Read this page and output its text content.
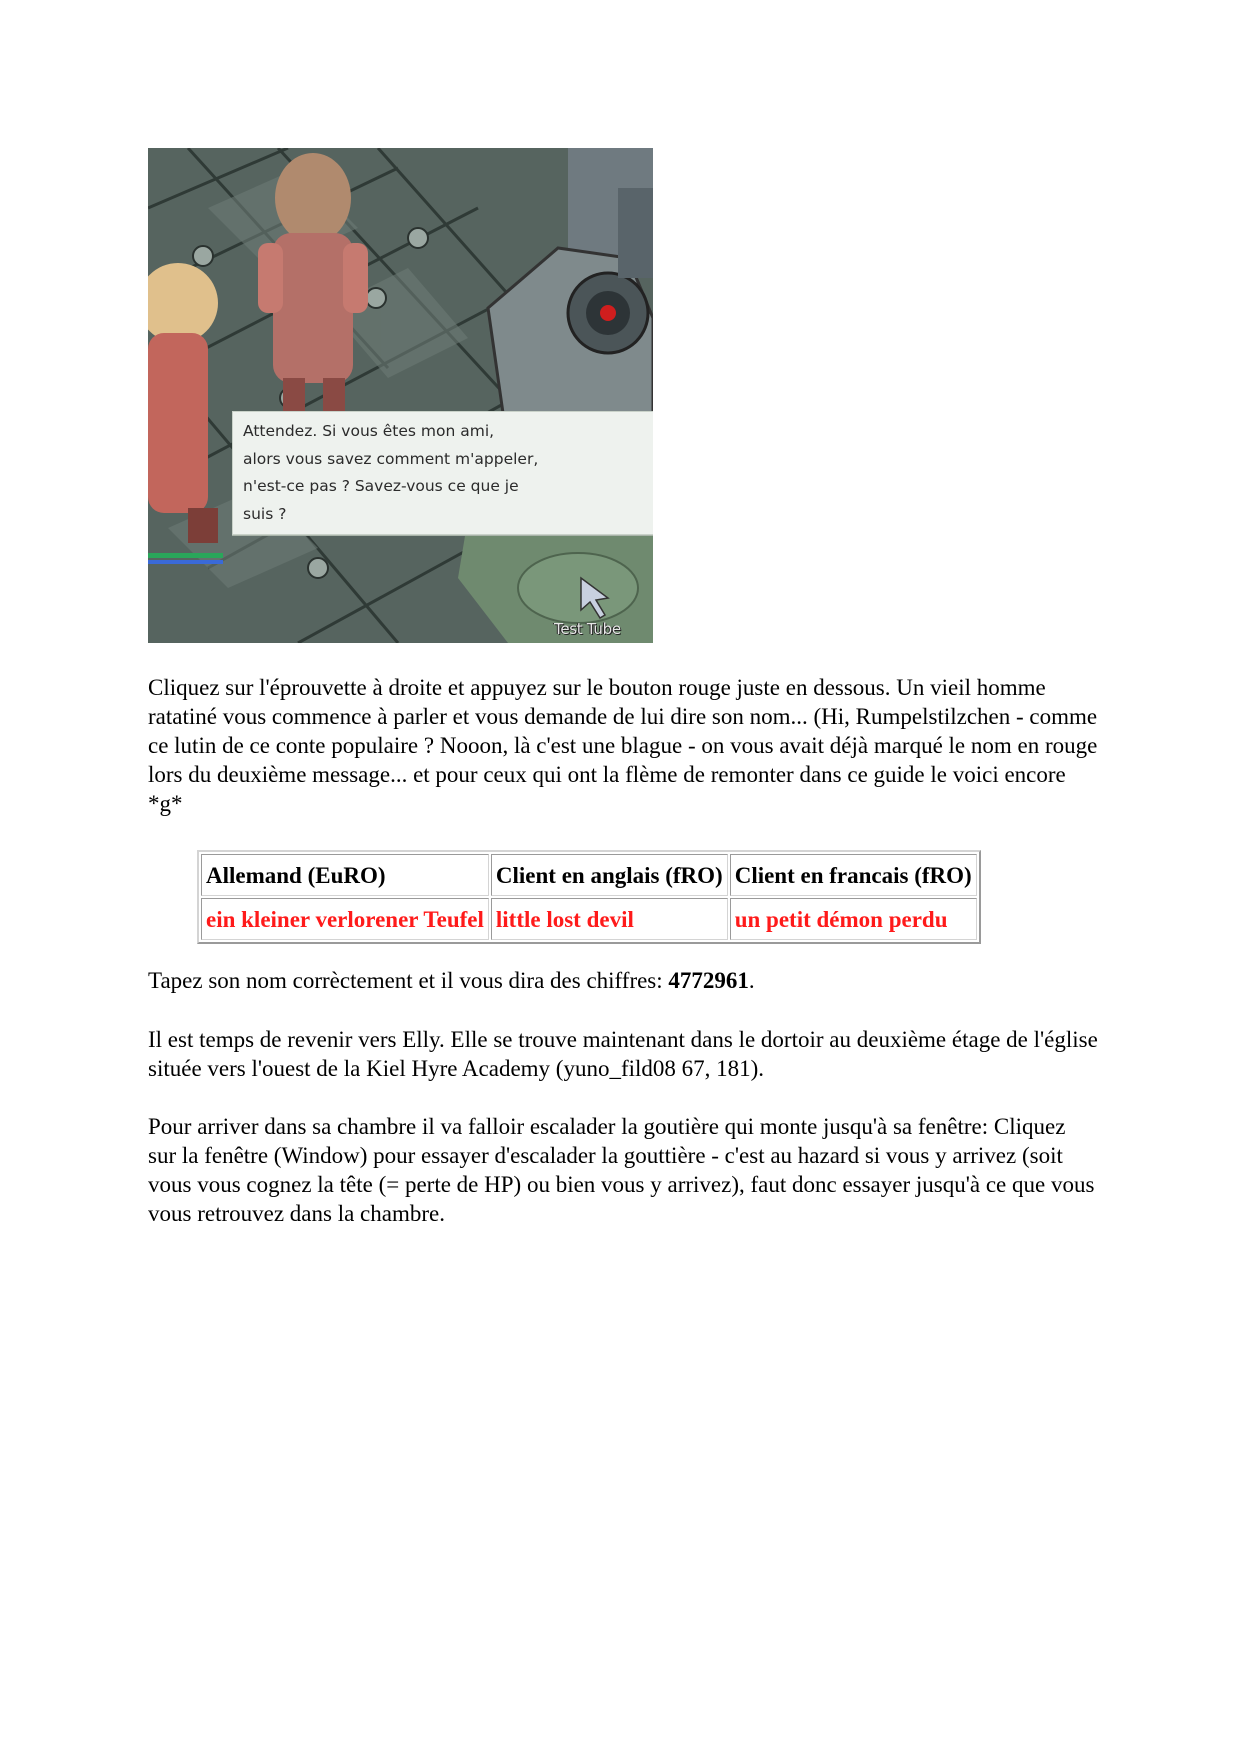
Attendez. Si vous êtes mon ami,
alors vous savez comment m'appeler,
n'est-ce pas ? Savez-vous ce que je
suis ?
Test Tube

Cliquez sur l'éprouvette à droite et appuyez sur le bouton rouge juste en dessous. Un vieil homme ratatiné vous commence à parler et vous demande de lui dire son nom... (Hi, Rumpelstilzchen - comme ce lutin de ce conte populaire ? Nooon, là c'est une blague - on vous avait déjà marqué le nom en rouge lors du deuxième message... et pour ceux qui ont la flème de remonter dans ce guide le voici encore *g*

Allemand (EuRO)	Client en anglais (fRO)	Client en francais (fRO)
ein kleiner verlorener Teufel	little lost devil	un petit démon perdu

Tapez son nom corrèctement et il vous dira des chiffres: 4772961.

Il est temps de revenir vers Elly. Elle se trouve maintenant dans le dortoir au deuxième étage de l'église située vers l'ouest de la Kiel Hyre Academy (yuno_fild08 67, 181).

Pour arriver dans sa chambre il va falloir escalader la goutière qui monte jusqu'à sa fenêtre: Cliquez sur la fenêtre (Window) pour essayer d'escalader la gouttière - c'est au hazard si vous y arrivez (soit vous vous cognez la tête (= perte de HP) ou bien vous y arrivez), faut donc essayer jusqu'à ce que vous vous retrouvez dans la chambre.
